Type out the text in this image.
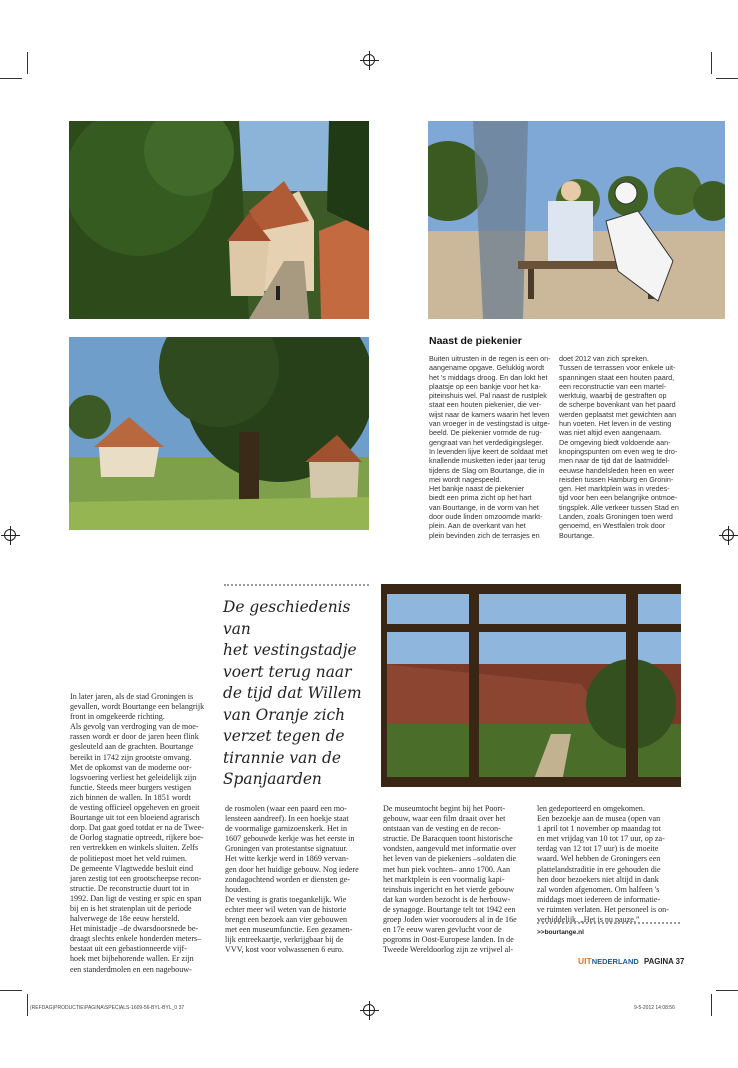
Naast de piekenier
Buiten uitrusten in de regen is een on-
aangename opgave. Gelukkig wordt
het 's middags droog. En dan lokt het
plaatsje op een bankje voor het ka-
piteinshuis wel. Pal naast de rustplek
staat een houten piekenier, die ver-
wijst naar de kamers waarin het leven
van vroeger in de vestingstad is uitge-
beeld. De piekenier vormde de rug-
gengraat van het verdedigingsleger.
In levenden lijve keert de soldaat met
knallende musketten ieder jaar terug
tijdens de Slag om Bourtange, die in
mei wordt nagespeeld.
Het bankje naast de piekenier
biedt een prima zicht op het hart
van Bourtange, in de vorm van het
door oude linden omzoomde markt-
plein. Aan de overkant van het
plein bevinden zich de terrasjes en
doet 2012 van zich spreken.
Tussen de terrassen voor enkele uit-
spanningen staat een houten paard,
een reconstructie van een martel-
werktuig, waarbij de gestraften op
de scherpe bovenkant van het paard
werden geplaatst met gewichten aan
hun voeten. Het leven in de vesting
was niet altijd even aangenaam.
De omgeving biedt voldoende aan-
knopingspunten om even weg te dro-
men naar de tijd dat de laatmiddel-
eeuwse handelsleden heen en weer
reisden tussen Hamburg en Gronin-
gen. Het marktplein was in vredes-
tijd voor hen een belangrijke ontmoe-
tingsplek. Alle verkeer tussen Stad en
Landen, zoals Groningen toen werd
genoemd, en Westfalen trok door
Bourtange.
De geschiedenis van
het vestingstadje
voert terug naar
de tijd dat Willem
van Oranje zich
verzet tegen de
tirannie van de
Spanjaarden
In later jaren, als de stad Groningen is
gevallen, wordt Bourtange een belangrijk
front in omgekeerde richting.
Als gevolg van verdroging van de moe-
rassen wordt er door de jaren heen flink
gesleuteld aan de grachten. Bourtange
bereikt in 1742 zijn grootste omvang.
Met de opkomst van de moderne oor-
logsvoering verliest het geleidelijk zijn
functie. Steeds meer burgers vestigen
zich binnen de wallen. In 1851 wordt
de vesting officieel opgeheven en groeit
Bourtange uit tot een bloeiend agrarisch
dorp. Dat gaat goed totdat er na de Twee-
de Oorlog stagnatie optreedt, rijkere boe-
ren vertrekken en winkels sluiten. Zelfs
de politiepost moet het veld ruimen.
De gemeente Vlagtwedde besluit eind
jaren zestig tot een grootscheepse recon-
structie. De reconstructie duurt tot in
1992. Dan ligt de vesting er spic en span
bij en is het stratenplan uit de periode
halverwege de 18e eeuw hersteld.
Het ministadje –de dwarsdoorsnede be-
draagt slechts enkele honderden meters–
bestaat uit een gebastionneerde vijf-
hoek met bijbehorende wallen. Er zijn
een standerdmolen en een nagebouw-
de rosmolen (waar een paard een mo-
lensteen aandreef). In een hoekje staat
de voormalige garnizoenskerk. Het in
1607 gebouwde kerkje was het eerste in
Groningen van protestantse signatuur.
Het witte kerkje werd in 1869 vervan-
gen door het huidige gebouw. Nog iedere
zondagochtend worden er diensten ge-
houden.
De vesting is gratis toegankelijk. Wie
echter meer wil weten van de historie
brengt een bezoek aan vier gebouwen
met een museumfunctie. Een gezamen-
lijk entreekaartje, verkrijgbaar bij de
VVV, kost voor volwassenen 6 euro.
De museumtocht begint bij het Poort-
gebouw, waar een film draait over het
ontstaan van de vesting en de recon-
structie. De Baracquen toont historische
vondsten, aangevuld met informatie over
het leven van de piekeniers –soldaten die
met hun piek vochten– anno 1700. Aan
het marktplein is een voormalig kapi-
teinshuis ingericht en het vierde gebouw
dat kan worden bezocht is de herbouw-
de synagoge. Bourtange telt tot 1942 een
groep Joden wier voorouders al in de 16e
en 17e eeuw waren gevlucht voor de
pogroms in Oost-Europese landen. In de
Tweede Wereldoorlog zijn ze vrijwel al-
len gedeporteerd en omgekomen.
Een bezoekje aan de musea (open van
1 april tot 1 november op maandag tot
en met vrijdag van 10 tot 17 uur, op za-
terdag van 12 tot 17 uur) is de moeite
waard. Wel hebben de Groningers een
plattelandstraditie in ere gehouden die
hen door bezoekers niet altijd in dank
zal worden afgenomen. Om halfeen 's
middags moet iedereen de informatie-
ve ruimten verlaten. Het personeel is on-
verbiddelijk. „Het is nu pauze.”
>>bourtange.nl
UITNEDERLAND PAGINA 37
(REFDAG)PRODUCTIE\PAGINA\SPECIALS-1609-56-BYL-BYL_0 37	9-5-2012 14:08:56
